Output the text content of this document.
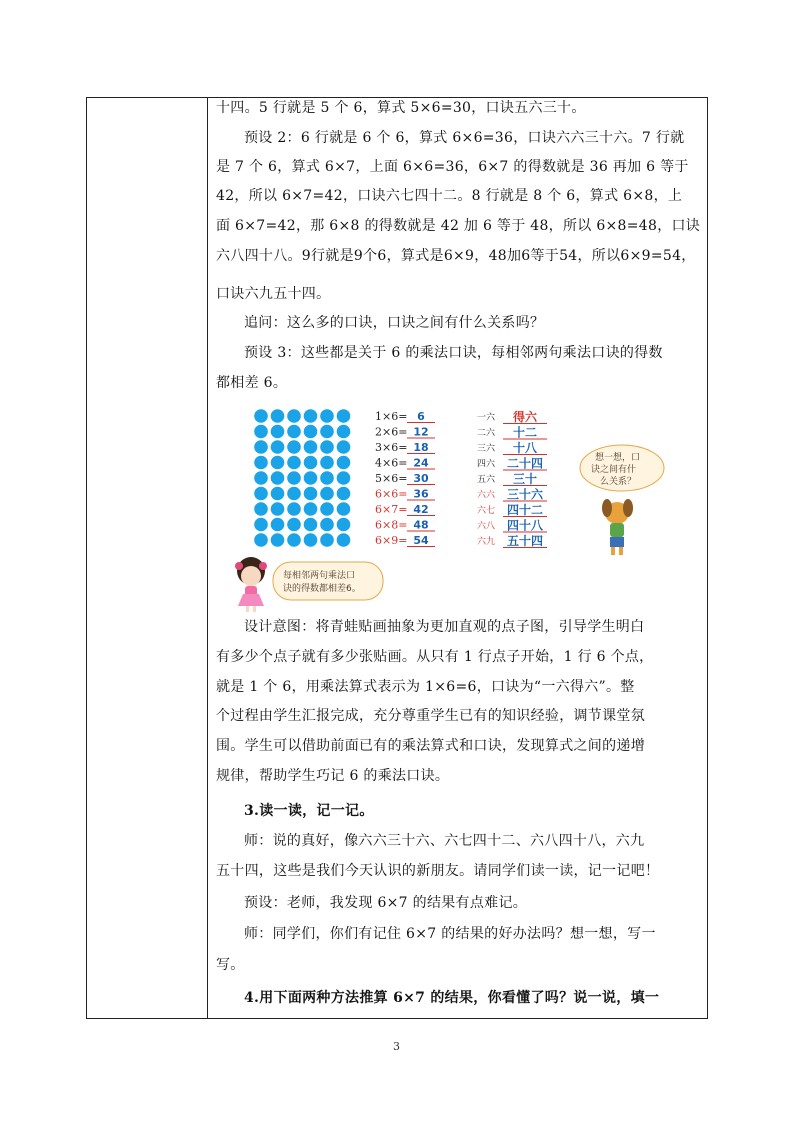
十四。5 行就是 5 个 6，算式 5×6=30，口诀五六三十。
预设 2：6 行就是 6 个 6，算式 6×6=36，口诀六六三十六。7 行就
是 7 个 6，算式 6×7，上面 6×6=36，6×7 的得数就是 36 再加 6 等于
42，所以 6×7=42，口诀六七四十二。8 行就是 8 个 6，算式 6×8，上
面 6×7=42，那 6×8 的得数就是 42 加 6 等于 48，所以 6×8=48，口诀
六八四十八。9行就是9个6，算式是6×9，48加6等于54，所以6×9=54，
口诀六九五十四。
追问：这么多的口诀，口诀之间有什么关系吗？
预设 3：这些都是关于 6 的乘法口诀，每相邻两句乘法口诀的得数
都相差 6。
1×6= 6
2×6= 12
3×6= 18
4×6= 24
5×6= 30
6×6= 36
6×7= 42
6×8= 48
6×9= 54
一六 得六
二六 十二
三六 十八
四六 二十四
五六 三十
六六 三十六
六七 四十二
六八 四十八
六九 五十四
每相邻两句乘法口
诀的得数都相差6。
想一想，口
诀之间有什
么关系？
设计意图：将青蛙贴画抽象为更加直观的点子图，引导学生明白
有多少个点子就有多少张贴画。从只有 1 行点子开始，1 行 6 个点，
就是 1 个 6，用乘法算式表示为 1×6=6，口诀为“一六得六”。整
个过程由学生汇报完成，充分尊重学生已有的知识经验，调节课堂氛
围。学生可以借助前面已有的乘法算式和口诀，发现算式之间的递增
规律，帮助学生巧记 6 的乘法口诀。
3.读一读，记一记。
师：说的真好，像六六三十六、六七四十二、六八四十八，六九
五十四，这些是我们今天认识的新朋友。请同学们读一读，记一记吧！
预设：老师，我发现 6×7 的结果有点难记。
师：同学们，你们有记住 6×7 的结果的好办法吗？想一想，写一
写。
4.用下面两种方法推算 6×7 的结果，你看懂了吗？说一说，填一
3
